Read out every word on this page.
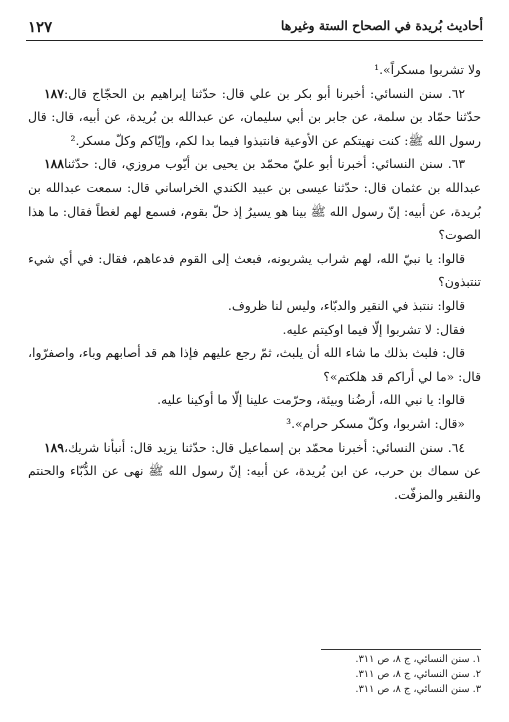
١٢٧	أحاديث بُريدة في الصحاح الستة وغيرها

ولا تشربوا مسكراً».¹

١٨٧ ٦٢. سنن النسائي: أخبرنا أبو بكر بن علي قال: حدّثنا إبراهيم بن الحجّاج قال: حدّثنا حمّاد بن سلمة، عن جابر بن أبي سليمان، عن عبدالله بن بُريدة، عن أبيه، قال: قال رسول الله ﷺ: كنت نهيتكم عن الأوعية فانتبذوا فيما بدا لكم، وإيّاكم وكلّ مسكر.²

١٨٨ ٦٣. سنن النسائي: أخبرنا أبو عليّ محمّد بن يحيى بن أيّوب مروزي، قال: حدّثنا عبدالله بن عثمان قال: حدّثنا عيسى بن عبيد الكندي الخراساني قال: سمعت عبدالله بن بُريدة، عن أبيه: إنّ رسول الله ﷺ بينا هو يسيرُ إذ حلّ بقوم، فسمع لهم لغطاً فقال: ما هذا الصوت؟

قالوا: يا نبيّ الله، لهم شراب يشربونه، فبعث إلى القوم فدعاهم، فقال: في أي شيء تنتبذون؟

قالوا: ننتبذ في النقير والدبّاء، وليس لنا ظروف.

فقال: لا تشربوا إلّا فيما اوكيتم عليه.

قال: فلبث بذلك ما شاء الله أن يلبث، ثمّ رجع عليهم فإذا هم قد أصابهم وباء، واصفرّوا، قال: «ما لي أراكم قد هلكتم»؟

قالوا: يا نبي الله، أرضُنا وبيئة، وحرّمت علينا إلّا ما أوكينا عليه.

«قال: اشربوا، وكلّ مسكر حرام».³

١٨٩ ٦٤. سنن النسائي: أخبرنا محمّد بن إسماعيل قال: حدّثنا يزيد قال: أنبأنا شريك، عن سماك بن حرب، عن ابن بُريدة، عن أبيه: إنّ رسول الله ﷺ نهى عن الدُّبّاء والحنتم والنقير والمزفّت.

١. سنن النسائي، ج ٨، ص ٣١١.
٢. سنن النسائي، ج ٨، ص ٣١١.
٣. سنن النسائي، ج ٨، ص ٣١١.
